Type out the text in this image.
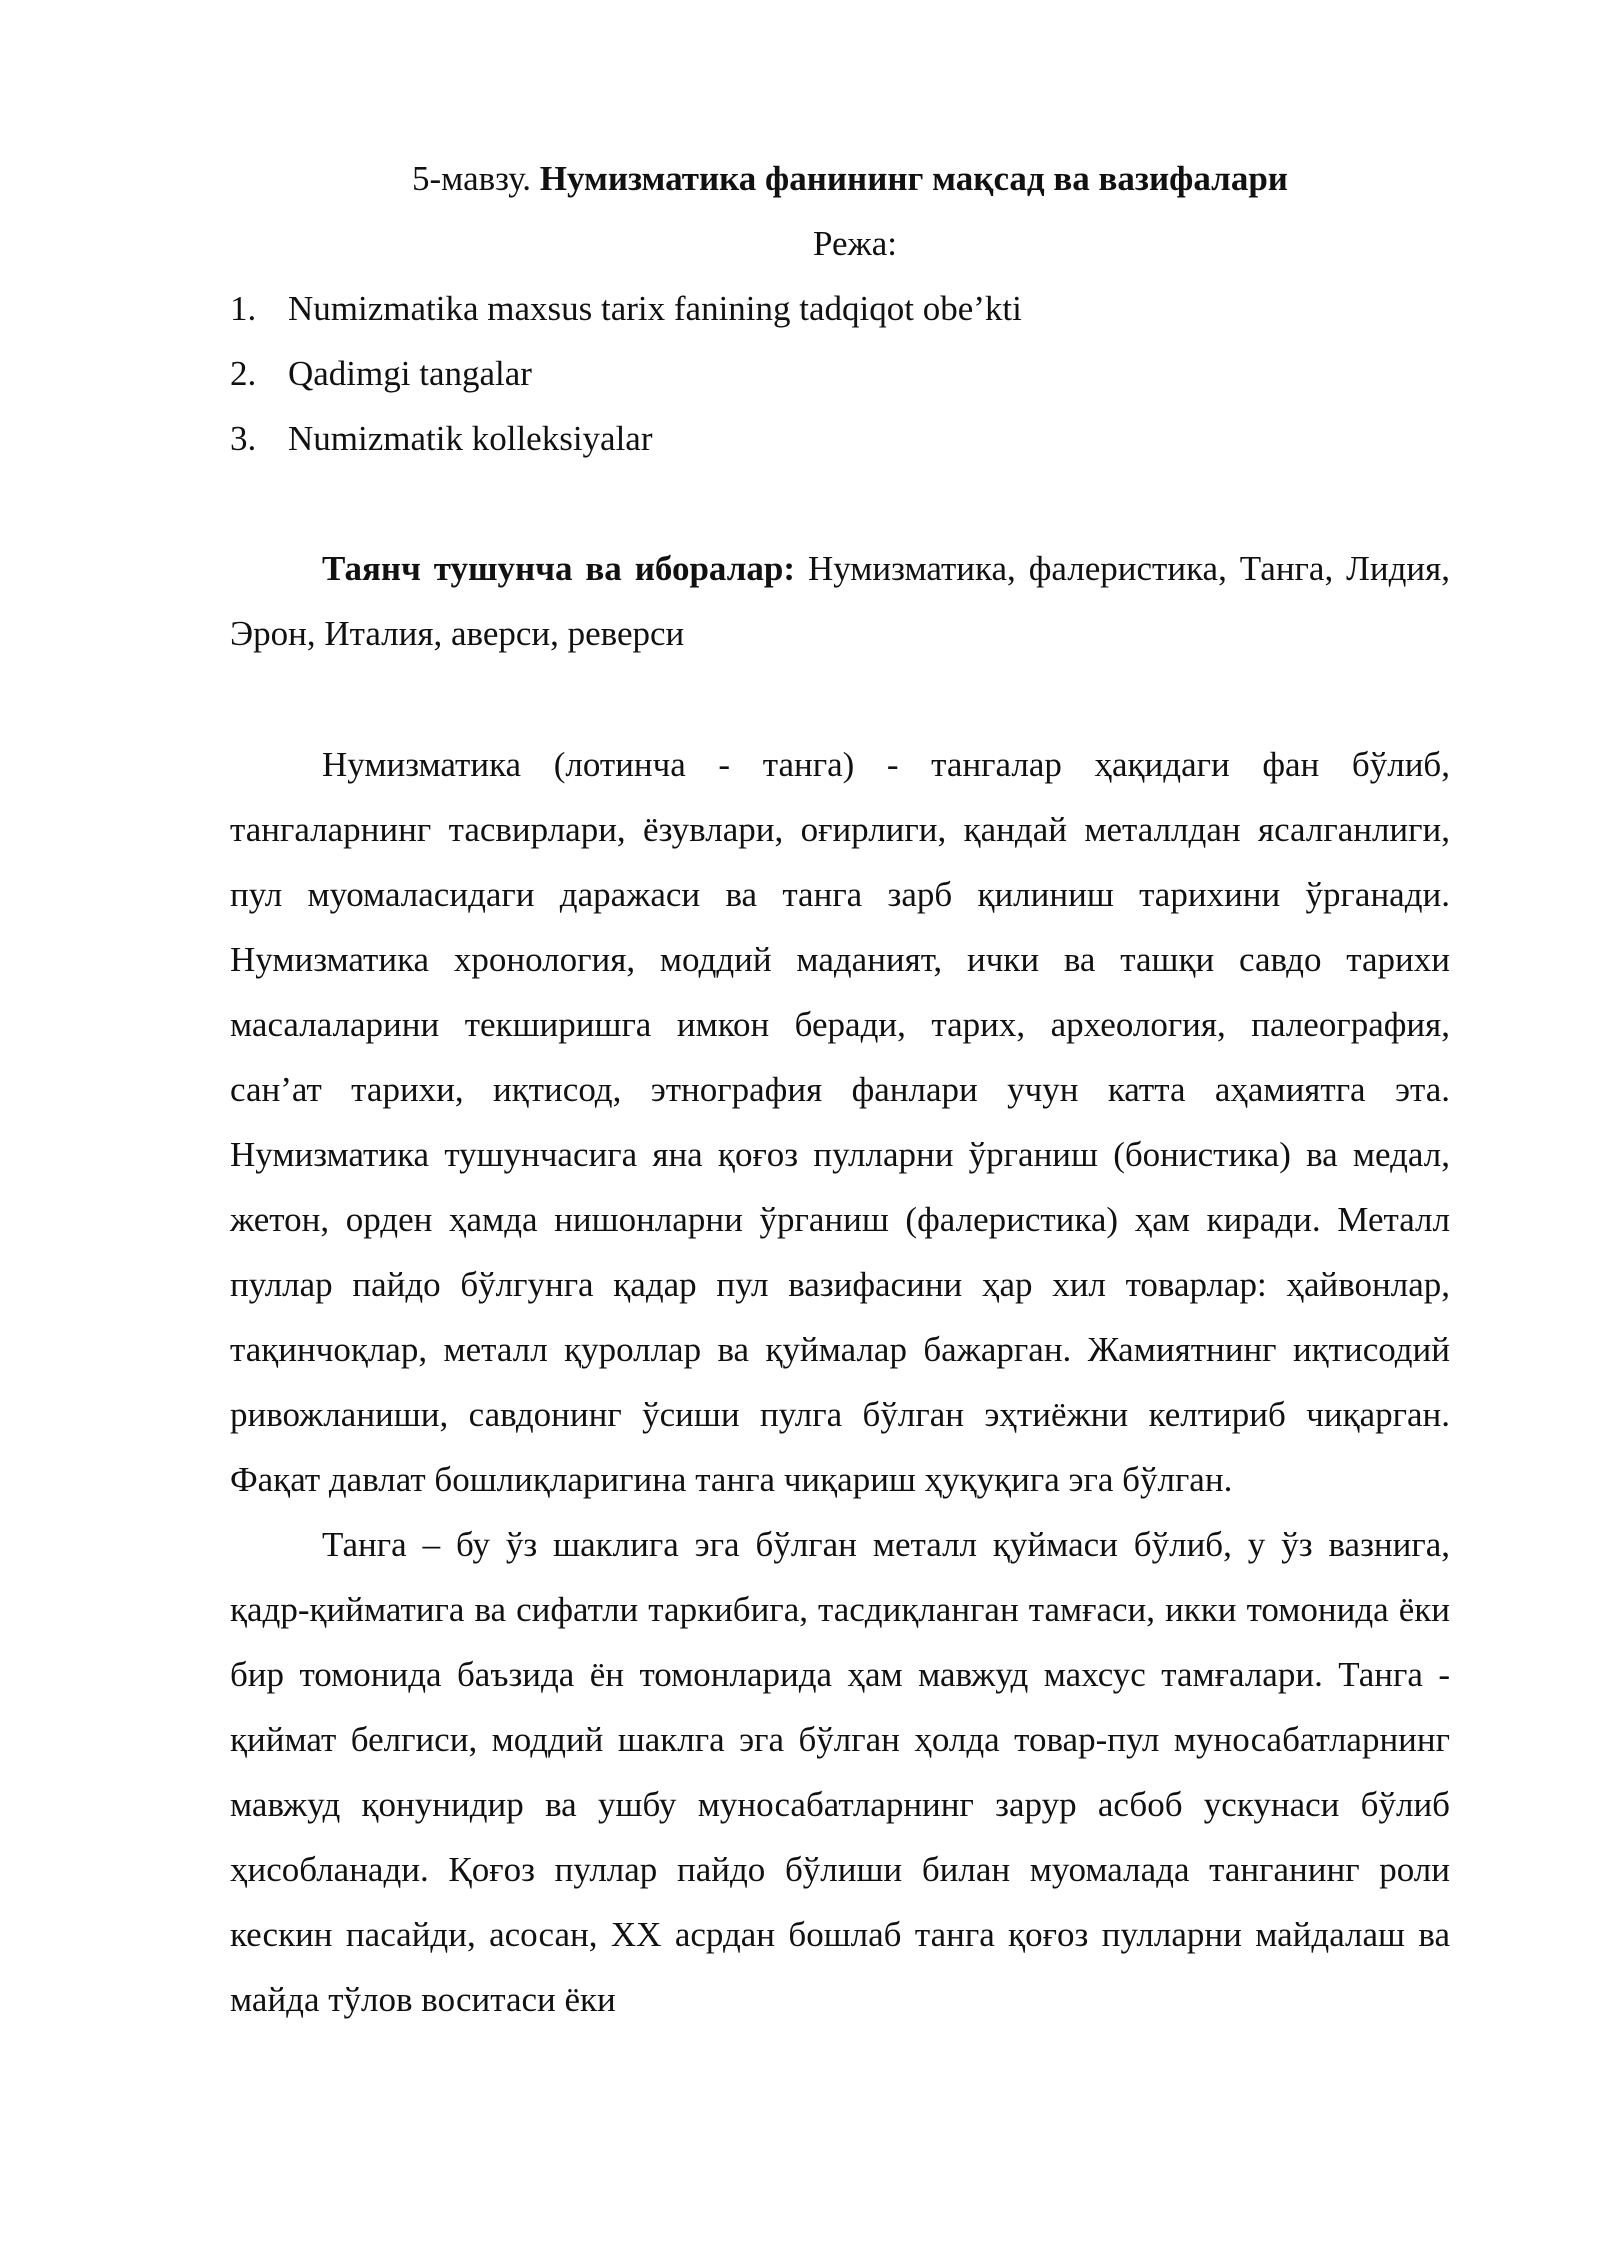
5-мавзу. Нумизматика фанининг мақсад ва вазифалари

Режа:

1. Numizmatika maxsus tarix fanining tadqiqot obe’kti
2. Qadimgi tangalar
3. Numizmatik kolleksiyalar

Таянч тушунча ва иборалар: Нумизматика, фалеристика, Танга, Лидия, Эрон, Италия, аверси, реверси

Нумизматика (лотинча - танга) - тангалар ҳақидаги фан бўлиб, тангаларнинг тасвирлари, ёзувлари, оғирлиги, қандай металлдан ясалганлиги, пул муомаласидаги даражаси ва танга зарб қилиниш тарихини ўрганади. Нумизматика хронология, моддий маданият, ички ва ташқи савдо тарихи масалаларини текширишга имкон беради, тарих, археология, палеография, сан’ат тарихи, иқтисод, этнография фанлари учун катта аҳамиятга эта. Нумизматика тушунчасига яна қоғоз пулларни ўрганиш (бонистика) ва медал, жетон, орден ҳамда нишонларни ўрганиш (фалеристика) ҳам киради. Металл пуллар пайдо бўлгунга қадар пул вазифасини ҳар хил товарлар: ҳайвонлар, тақинчоқлар, металл қуроллар ва қуймалар бажарган. Жамиятнинг иқтисодий ривожланиши, савдонинг ўсиши пулга бўлган эҳтиёжни келтириб чиқарган. Фақат давлат бошлиқларигина танга чиқариш ҳуқуқига эга бўлган.

Танга – бу ўз шаклига эга бўлган металл қуймаси бўлиб, у ўз вазнига, қадр-қийматига ва сифатли таркибига, тасдиқланган тамғаси, икки томонида ёки бир томонида баъзида ён томонларида ҳам мавжуд махсус тамғалари. Танга - қиймат белгиси, моддий шаклга эга бўлган ҳолда товар-пул муносабатларнинг мавжуд қонунидир ва ушбу муносабатларнинг зарур асбоб ускунаси бўлиб ҳисобланади. Қоғоз пуллар пайдо бўлиши билан муомалада танганинг роли кескин пасайди, асосан, XX асрдан бошлаб танга қоғоз пулларни майдалаш ва майда тўлов воситаси ёки
